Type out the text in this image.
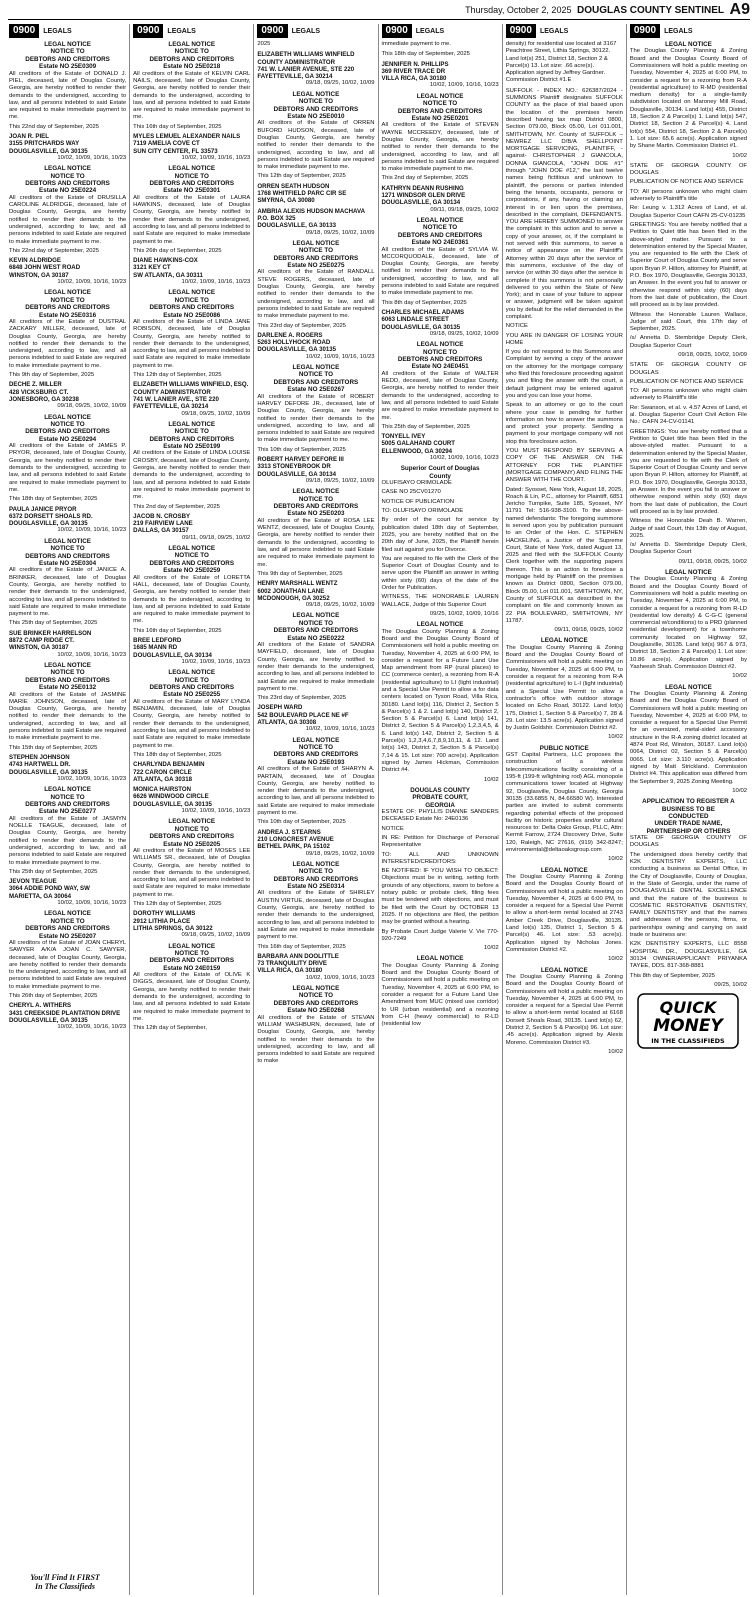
Thursday, October 2, 2025 DOUGLAS COUNTY SENTINEL A9
0900	LEGALS
LEGAL NOTICE
NOTICE TO
DEBTORS AND CREDITORS
Estate NO 25E0309

All creditors of the Estate of DONALD J. PIEL, deceased, late of Douglas County, Georgia, are hereby notified to render their demands to the undersigned, according to law, and all persons indebted to said Estate are required to make immediate payment to me.

This 22nd day of September, 2025

JOAN R. PIEL
3155 PRITCHARDS WAY
DOUGLASVILLE, GA 30135

10/02, 10/09, 10/16, 10/23

LEGAL NOTICE
NOTICE TO
DEBTORS AND CREDITORS
Estate NO 25E0224

All creditors of the Estate of DRUSILLA CAROLINE ALDRIDGE, deceased, late of Douglas County, Georgia, are hereby notified to render their demands to the undersigned, according to law, and all persons indebted to said Estate are required to make immediate payment to me.

This 22nd day of September, 2025

KEVIN ALDRIDGE
6848 JOHN WEST ROAD
WINSTON, GA 30187

10/02, 10/09, 10/16, 10/23

LEGAL NOTICE
NOTICE TO
DEBTORS AND CREDITORS
Estate NO 25E0316

All creditors of the Estate of DUSTRAL ZACKARY MILLER, deceased, late of Douglas County, Georgia, are hereby notified to render their demands to the undersigned, according to law, and all persons indebted to said Estate are required to make immediate payment to me.

This 9th day of September, 2025

DECHE Z. MILLER
428 VICKSBURG CT.
JONESBORO, GA 30238

09/18, 09/25, 10/02, 10/09

LEGAL NOTICE
NOTICE TO
DEBTORS AND CREDITORS
Estate NO 25E0294

All creditors of the Estate of JAMES P. PRYOR, deceased, late of Douglas County, Georgia, are hereby notified to render their demands to the undersigned, according to law, and all persons indebted to said Estate are required to make immediate payment to me.

This 18th day of September, 2025

PAULA JANICE PRYOR
6372 DORSETT SHOALS RD.
DOUGLASVILLE, GA 30135

10/02, 10/09, 10/16, 10/23

LEGAL NOTICE
NOTICE TO
DEBTORS AND CREDITORS
Estate NO 25E0304

All creditors of the Estate of JANICE A. BRINKER, deceased, late of Douglas County, Georgia, are hereby notified to render their demands to the undersigned, according to law, and all persons indebted to said Estate are required to make immediate payment to me.

This 25th day of September, 2025

SUE BRINKER HARRELSON
8872 CAMP RIDGE CT.
WINSTON, GA 30187

10/02, 10/09, 10/16, 10/23

LEGAL NOTICE
NOTICE TO
DEBTORS AND CREDITORS
Estate NO 25E0132

All creditors of the Estate of JASMINE MARIE JOHNSON, deceased, late of Douglas County, Georgia, are hereby notified to render their demands to the undersigned, according to law, and all persons indebted to said Estate are required to make immediate payment to me.

This 15th day of September, 2025

STEPHEN JOHNSON
4743 HARTWELL DR.
DOUGLASVILLE, GA 30135

10/02, 10/09, 10/16, 10/23

LEGAL NOTICE
NOTICE TO
DEBTORS AND CREDITORS
Estate NO 25E0277

All creditors of the Estate of JASMYN NOELLE TEAGUE, deceased, late of Douglas County, Georgia, are hereby notified to render their demands to the undersigned, according to law, and all persons indebted to said Estate are required to make immediate payment to me.

This 25th day of September, 2025

JEVON TEAGUE
3064 ADDIE POND WAY, SW
MARIETTA, GA 30064

10/02, 10/09, 10/16, 10/23

LEGAL NOTICE
NOTICE TO
DEBTORS AND CREDITORS
Estate NO 25E0207

All creditors of the Estate of JOAN CHERYL SAWYER A/K/A JOAN C. SAWYER, deceased, late of Douglas County, Georgia, are hereby notified to render their demands to the undersigned, according to law, and all persons indebted to said Estate are required to make immediate payment to me.

This 26th day of September, 2025

CHERYL A. WITHERS
3431 CREEKSIDE PLANTATION DRIVE
DOUGLASVILLE, GA 30135

10/02, 10/09, 10/16, 10/23

You'll Find It FIRST
In The Classifieds
0900	LEGALS
LEGAL NOTICE
NOTICE TO
DEBTORS AND CREDITORS
Estate NO 25E0218

All creditors of the Estate of KELVIN CARL NAILS, deceased, late of Douglas County, Georgia, are hereby notified to render their demands to the undersigned, according to law, and all persons indebted to said Estate are required to make immediate payment to me.

This 16th day of September, 2025

MYLES LEMUEL ALEXANDER NAILS
7119 AMELIA COVE CT
SUN CITY CENTER, FL 33573

10/02, 10/09, 10/16, 10/23

LEGAL NOTICE
NOTICE TO
DEBTORS AND CREDITORS
Estate NO 25E0301

All creditors of the Estate of LAURA HAWKINS, deceased, late of Douglas County, Georgia, are hereby notified to render their demands to the undersigned, according to law, and all persons indebted to said Estate are required to make immediate payment to me.

This 26th day of September, 2025

DIANE HAWKINS-COX
3121 KEY CT
SW ATLANTA, GA 30311

10/02, 10/09, 10/16, 10/23

LEGAL NOTICE
NOTICE TO
DEBTORS AND CREDITORS
Estate NO 25E0086

All creditors of the Estate of LINDA JANE ROBISON, deceased, late of Douglas County, Georgia, are hereby notified to render their demands to the undersigned, according to law, and all persons indebted to said Estate are required to make immediate payment to me.

This 12th day of September, 2025

ELIZABETH WILLIAMS WINFIELD, ESQ.
COUNTY ADMINISTRATOR
741 W. LANIER AVE., STE 220
FAYETTEVILLE, GA 30214

09/18, 09/25, 10/02, 10/09

LEGAL NOTICE
NOTICE TO
DEBTORS AND CREDITORS
Estate NO 25E0199

All creditors of the Estate of LINDA LOUISE CROSBY, deceased, late of Douglas County, Georgia, are hereby notified to render their demands to the undersigned, according to law, and all persons indebted to said Estate are required to make immediate payment to me.

This 2nd day of September, 2025

JACOB N. CROSBY
219 FAIRVIEW LANE
DALLAS, GA 30157

09/11, 09/18, 09/25, 10/02

LEGAL NOTICE
NOTICE TO
DEBTORS AND CREDITORS
Estate NO 25E0259

All creditors of the Estate of LORETTA HALL, deceased, late of Douglas County, Georgia, are hereby notified to render their demands to the undersigned, according to law, and all persons indebted to said Estate are required to make immediate payment to me.

This 16th day of September, 2025

BREE LEDFORD
1685 MANN RD
DOUGLASVILLE, GA 30134

10/02, 10/09, 10/16, 10/23

LEGAL NOTICE
NOTICE TO
DEBTORS AND CREDITORS
Estate NO 25E0255

All creditors of the Estate of MARY LYNDA BENJAMIN, deceased, late of Douglas County, Georgia, are hereby notified to render their demands to the undersigned, according to law, and all persons indebted to said Estate are required to make immediate payment to me.

This 18th day of September, 2025

CHARLYNDA BENJAMIN
722 CARON CIRCLE
ATLANTA, GA 30318

MONICA HAIRSTON
6626 WINDWOOD CIRCLE
DOUGLASVILLE, GA 30135

10/02, 10/09, 10/16, 10/23

LEGAL NOTICE
NOTICE TO
DEBTORS AND CREDITORS
Estate NO 25E0205

All creditors of the Estate of MOSES LEE WILLIAMS SR., deceased, late of Douglas County, Georgia, are hereby notified to render their demands to the undersigned, according to law, and all persons indebted to said Estate are required to make immediate payment to me.

This 12th day of September, 2025

DOROTHY WILLIAMS
2912 LITHIA PLACE
LITHIA SPRINGS, GA 30122

09/18, 09/25, 10/02, 10/09

LEGAL NOTICE
NOTICE TO
DEBTORS AND CREDITORS
Estate NO 24E0159

All creditors of the Estate of OLIVE K DIGGS, deceased, late of Douglas County, Georgia, are hereby notified to render their demands to the undersigned, according to law, and all persons indebted to said Estate are required to make immediate payment to me.

This 12th day of September,

0900	LEGALS

2025

ELIZABETH WILLIAMS WINFIELD
COUNTY ADMINISTRATOR
741 W. LANIER AVENUE, STE 220
FAYETTEVILLE, GA 30214

09/18, 09/25, 10/02, 10/09

LEGAL NOTICE
NOTICE TO
DEBTORS AND CREDITORS
Estate NO 25E0010

All creditors of the Estate of ORREN BUFORD HUDSON, deceased, late of Douglas County, Georgia, are hereby notified to render their demands to the undersigned, according to law, and all persons indebted to said Estate are required to make immediate payment to me.

This 12th day of September, 2025

ORREN SEATH HUDSON
1768 WHITFIELD PARC CIR SE
SMYRNA, GA 30080

AMBRIA ALEXIS HUDSON MACHAVA
P.O. BOX 325
DOUGLASVILLE, GA 30133

09/18, 09/25, 10/02, 10/09

LEGAL NOTICE
NOTICE TO
DEBTORS AND CREDITORS
Estate NO 25E0275

All creditors of the Estate of RANDALL STEVE ROGERS, deceased, late of Douglas County, Georgia, are hereby notified to render their demands to the undersigned, according to law, and all persons indebted to said Estate are required to make immediate payment to me.

This 23rd day of September, 2025

DARLENE A. ROGERS
5263 HOLLYHOCK ROAD
DOUGLASVILLE, GA 30135

10/02, 10/09, 10/16, 10/23

LEGAL NOTICE
NOTICE TO
DEBTORS AND CREDITORS
Estate NO 25E0267

All creditors of the Estate of ROBERT HARVEY DEFORE JR., deceased, late of Douglas County, Georgia, are hereby notified to render their demands to the undersigned, according to law, and all persons indebted to said Estate are required to make immediate payment to me.

This 10th day of September, 2025

ROBERT HARVEY DEFORE III
3313 STONEYBROOK DR
DOUGLASVILLE, GA 30134

09/18, 09/25, 10/02, 10/09

LEGAL NOTICE
NOTICE TO
DEBTORS AND CREDITORS
Estate NO 25E0203

All creditors of the Estate of ROSA LEE WENTZ, deceased, late of Douglas County, Georgia, are hereby notified to render their demands to the undersigned, according to law, and all persons indebted to said Estate are required to make immediate payment to me.

This 9th day of September, 2025

HENRY MARSHALL WENTZ
6002 JONATHAN LANE
MCDONOUGH, GA 30252

09/18, 09/25, 10/02, 10/09

LEGAL NOTICE
NOTICE TO
DEBTORS AND CREDITORS
Estate NO 25E0222

All creditors of the Estate of SANDRA MAYFIELD, deceased, late of Douglas County, Georgia, are hereby notified to render their demands to the undersigned, according to law, and all persons indebted to said Estate are required to make immediate payment to me.

This 23rd day of September, 2025

JOSEPH WARD
542 BOULEVARD PLACE NE #F
ATLANTA, GA 30308

10/02, 10/09, 10/16, 10/23

LEGAL NOTICE
NOTICE TO
DEBTORS AND CREDITORS
Estate NO 25E0193

All creditors of the Estate of SHARYN A. PARTAIN, deceased, late of Douglas County, Georgia, are hereby notified to render their demands to the undersigned, according to law, and all persons indebted to said Estate are required to make immediate payment to me.

This 10th day of September, 2025

ANDREA J. STEARNS
210 LONGCREST AVENUE
BETHEL PARK, PA 15102

09/18, 09/25, 10/02, 10/09

LEGAL NOTICE
NOTICE TO
DEBTORS AND CREDITORS
Estate NO 25E0314

All creditors of the Estate of SHIRLEY AUSTIN VIRTUE, deceased, late of Douglas County, Georgia, are hereby notified to render their demands to the undersigned, according to law, and all persons indebted to said Estate are required to make immediate payment to me.

This 16th day of September, 2025

BARBARA ANN DOOLITTLE
73 TRANQUILITY DRIVE
VILLA RICA, GA 30180

10/02, 10/09, 10/16, 10/23

LEGAL NOTICE
NOTICE TO
DEBTORS AND CREDITORS
Estate NO 25E0268

All creditors of the Estate of STEVAN WILLIAM WASHBURN, deceased, late of Douglas County, Georgia, are hereby notified to render their demands to the undersigned, according to law, and all persons indebted to said Estate are required to make

0900	LEGALS

immediate payment to me.

This 18th day of September, 2025

JENNIFER N. PHILLIPS
369 RIVER TRACE DR
VILLA RICA, GA 30180

10/02, 10/09, 10/16, 10/23

LEGAL NOTICE
NOTICE TO
DEBTORS AND CREDITORS
Estate NO 25E0201

All creditors of the Estate of STEVEN WAYNE MCCREEDY, deceased, late of Douglas County, Georgia, are hereby notified to render their demands to the undersigned, according to law, and all persons indebted to said Estate are required to make immediate payment to me.

This 2nd day of September, 2025

KATHRYN DEANN RUSHING
1271 WINDSOR GLEN DRIVE
DOUGLASVILLE, GA 30134

09/11, 09/18, 09/25, 10/02

LEGAL NOTICE
NOTICE TO
DEBTORS AND CREDITORS
Estate NO 24E0361

All creditors of the Estate of SYLVIA W. MCCORQUODALE, deceased, late of Douglas County, Georgia, are hereby notified to render their demands to the undersigned, according to law, and all persons indebted to said Estate are required to make immediate payment to me.

This 8th day of September, 2025

CHARLES MICHAEL ADAMS
6063 LINDALE STREET
DOUGLASVILLE, GA 30135

09/18, 09/25, 10/02, 10/09

LEGAL NOTICE
NOTICE TO
DEBTORS AND CREDITORS
Estate NO 24E0451

All creditors of the Estate of WALTER REDD, deceased, late of Douglas County, Georgia, are hereby notified to render their demands to the undersigned, according to law, and all persons indebted to said Estate are required to make immediate payment to me.

This 25th day of September, 2025

TONYELL IVEY
5005 GALAHAND COURT
ELLENWOOD, GA 30294

10/02, 10/09, 10/16, 10/23

Superior Court of Douglas
County

OLUFISAYO ORIMOLADE

CASE NO 25CV01270

NOTICE OF PUBLICATION

TO: OLUFISAYO ORIMOLADE

By order of the court for service by publication dated 18th day of September, 2025, you are hereby notified that on the 20th day of June, 2025, the Plaintiff herein filed suit against you for Divorce.

You are required to file with the Clerk of the Superior Court of Douglas County and to serve upon the Plaintiff an answer in writing within sixty (60) days of the date of the Order for Publication.

WITNESS, THE HONORABLE LAUREN WALLACE, Judge of this Superior Court

09/25, 10/02, 10/09, 10/16

LEGAL NOTICE

The Douglas County Planning & Zoning Board and the Douglas County Board of Commissioners will hold a public meeting on Tuesday, November 4, 2025 at 6:00 PM, to consider a request for a Future Land Use Map amendment from RP (rural places) to CC (commerce center), a rezoning from R-A (residential agriculture) to LI (light industrial) and a Special Use Permit to allow a for data centers located on Tyson Road, Villa Rica, 30180. Land lot(s) 116, District 2, Section 5 & Parcel(s) 1 & 2. Land lot(s) 140, District 2, Section 5 & Parcel(s) 6. Land lot(s) 141, District 2, Section 5 & Parcel(s) 1,2,3,4,5, & 6. Land lot(s) 142, District 2, Section 5 & Parcel(s) 1,2,3,4,6,7,8,9,10,11, & 12. Land lot(s) 143, District 2, Section 5 & Parcel(s) 7,14 & 15. Lot size: 700 acre(s). Application signed by James Hickman, Commission District #4.

10/02

DOUGLAS COUNTY
PROBATE COURT,
GEORGIA

ESTATE OF: PHYLLIS DIANNE SANDERS DECEASED Estate No: 24E0136

NOTICE

IN RE: Petition for Discharge of Personal Representative

TO: ALL AND UNKNOWN INTERESTED/CREDITORS:

BE NOTIFIED: IF YOU WISH TO OBJECT: Objections must be in writing, setting forth grounds of any objections, sworn to before a notary public or probate clerk, filing fees must be tendered with objections, and must be filed with the Court by OCTOBER 13 2025. If no objections are filed, the petition may be granted without a hearing.

By Probate Court Judge Valerie V. Vie 770-920-7249

10/02

LEGAL NOTICE

The Douglas County Planning & Zoning Board and the Douglas County Board of Commissioners will hold a public meeting on Tuesday, November 4, 2025 at 6:00 PM, to consider a request for a Future Land Use Amendment from MUC (mixed use corridor) to UR (urban residential) and a rezoning from C-H (heavy commercial) to R-LD (residential low

0900	LEGALS

density) for residential use located at 3167 Peachtree Street, Lithia Springs, 30122. Land lot(s) 251, District 18, Section 2 & Parcel(s) 13. Lot size: .66 acre(s). Application signed by Jeffrey Gardner. Commission District #1.E

SUFFOLK - INDEX NO.: 626387/2024 -SUMMONS Plaintiff designates SUFFOLK COUNTY as the place of trial based upon the location of the premises herein described having tax map District 0800, Section 079.00, Block 05.00, Lot 011.001, SMITHTOWN, NY. County of SUFFOLK – NEWREZ LLC D/B/A SHELLPOINT MORTGAGE SERVICING, PLAINTIFF, - against- CHRISTOPHER J GIANCOLA, DONNA GIANCOLA, "JOHN DOE #1" through "JOHN DOE #12," the last twelve names being fictitious and unknown to plaintiff, the persons or parties intended being the tenants, occupants, persons or corporations, if any, having or claiming an interest in or lien upon the premises, described in the complaint, DEFENDANTS. YOU ARE HEREBY SUMMONED to answer the complaint in this action and to serve a copy of your answer, or, if the complaint is not served with this summons, to serve a notice of appearance on the Plaintiff's Attorney within 20 days after the service of this summons, exclusive of the day of service (or within 30 days after the service is complete if this summons is not personally delivered to you within the State of New York); and in case of your failure to appear or answer, judgment will be taken against you by default for the relief demanded in the complaint.

NOTICE

YOU ARE IN DANGER OF LOSING YOUR HOME

If you do not respond to this Summons and Complaint by serving a copy of the answer on the attorney for the mortgage company who filed this foreclosure proceeding against you and filing the answer with the court, a default judgment may be entered against you and you can lose your home.

Speak to an attorney or go to the court where your case is pending for further information on how to answer the summons and protect your property. Sending a payment to your mortgage company will not stop this foreclosure action.

YOU MUST RESPOND BY SERVING A COPY OF THE ANSWER ON THE ATTORNEY FOR THE PLAINTIFF (MORTGAGE COMPANY) AND FILING THE ANSWER WITH THE COURT.

Dated: Syosset, New York, August 18, 2025, Roach & Lin, P.C., attorney for Plaintiff, 6851 Jericho Turnpike, Suite 185, Syosset, NY 11791 Tel: 516-938-3100. To the above-named defendants: The foregoing summons is served upon you by publication pursuant to an Order of the Hon. C. STEPHEN HACKELING, a Justice of the Supreme Court, State of New York, dated August 13, 2025 and filed with the SUFFOLK County Clerk together with the supporting papers thereon. This is an action to foreclose a mortgage held by Plaintiff on the premises known as District 0800, Section 079.00, Block 05.00, Lot 011.001, SMITHTOWN, NY, County of SUFFOLK as described in the complaint on file and commonly known as 22 PIA BOULEVARD, SMITHTOWN, NY 11787.

09/11, 09/18, 09/25, 10/02

LEGAL NOTICE

The Douglas County Planning & Zoning Board and the Douglas County Board of Commissioners will hold a public meeting on Tuesday, November 4, 2025 at 6:00 PM, to consider a request for a rezoning from R-A (residential agriculture) to L-I (light industrial) and a Special Use Permit to allow a contractor's office with outdoor storage located on Echo Road, 30122. Land lot(s) 175, District 1, Section 5 & Parcel(s) 7, 28 & 29. Lot size: 13.5 acre(s). Application signed by Justin Goldshir. Commission District #2.

10/02

PUBLIC NOTICE

GST Capital Partners, LLC proposes the construction of a wireless telecommunications facility consisting of a 195-ft (199-ft w/lightning rod) AGL monopole communications tower located at Highway 92, Douglasville, Douglas County, Georgia 30135 (33.6855 N, 84.66580 W). Interested parties are invited to submit comments regarding potential effects of the proposed facility on historic properties and/or cultural resources to: Delta Oaks Group, PLLC, Attn: Kermit Farrow, 2724 Discovery Drive, Suite 120, Raleigh, NC 27616, (919) 342-8247; environmental@deltaoaksgroup.com

10/02

LEGAL NOTICE

The Douglas County Planning & Zoning Board and the Douglas County Board of Commissioners will hold a public meeting on Tuesday, November 4, 2025 at 6:00 PM, to consider a request for a Special Use Permit to allow a short-term rental located at 2743 Amber Creek Drive, Douglasville, 30135. Land lot(s) 135, District 1, Section 5 & Parcel(s) 46. Lot size: .53 acre(s). Application signed by Nicholas Jones. Commission District #2.

10/02

LEGAL NOTICE

The Douglas County Planning & Zoning Board and the Douglas County Board of Commissioners will hold a public meeting on Tuesday, November 4, 2025 at 6:00 PM, to consider a request for a Special Use Permit to allow a short-term rental located at 6168 Dorsett Shoals Road, 30135. Land lot(s) 62, District 2, Section 5 & Parcel(s) 96. Lot size: .45 acre(s). Application signed by Alexis Moreno. Commission District #3.

10/02

0900	LEGALS
LEGAL NOTICE

The Douglas County Planning & Zoning Board and the Douglas County Board of Commissioners will hold a public meeting on Tuesday, November 4, 2025 at 6:00 PM, to consider a request for a rezoning from R-A (residential agriculture) to R-MD (residential medium density) for a single-family subdivision located on Maroney Mill Road, Douglasville, 30134. Land lot(s) 455, District 18, Section 2 & Parcel(s) 1. Land lot(s) 547, District 18, Section 2 & Parcel(s) 4. Land lot(s) 554, District 18, Section 2 & Parcel(s) 1. Lot size: 65.6 acre(s). Application signed by Shane Martin. Commission District #1.

10/02

STATE OF GEORGIA COUNTY OF DOUGLAS

PUBLICATION OF NOTICE AND SERVICE

TO: All persons unknown who might claim adversely to Plaintiff's title

Re: Leung v. 1.312 Acres of Land, et al. Douglas Superior Court CAFN 25-CV-01235

GREETINGS: You are hereby notified that a Petition to Quiet title has been filed in the above-styled matter. Pursuant to a determination entered by the Special Master, you are requested to file with the Clerk of Superior Court of Douglas County and serve upon Bryan P. Hilton, attorney for Plaintiff, at P.O. Box 1970, Douglasville, Georgia 30133, an Answer. In the event you fail to answer or otherwise respond within sixty (60) days from the last date of publication, the Court will proceed as is by law provided.

Witness the Honorable Lauren Wallace, Judge of said Court, this 17th day of September, 2025.

/s/ Annetta D. Stembridge Deputy Clerk, Douglas Superior Court

09/18, 09/25, 10/02, 10/09

STATE OF GEORGIA COUNTY OF DOUGLAS

PUBLICATION OF NOTICE AND SERVICE

TO: All persons unknown who might claim adversely to Plaintiff's title

Re: Swanson, et al. v. 4.57 Acres of Land, et al. Douglas Superior Court Civil Action File No.: CAFN 24-CV-01141

GREETINGS: You are hereby notified that a Petition to Quiet title has been filed in the above-styled matter. Pursuant to a determination entered by the Special Master, you are requested to file with the Clerk of Superior Court of Douglas County and serve upon Bryan P. Hilton, attorney for Plaintiff, at P.O. Box 1970, Douglasville, Georgia 30133, an Answer. In the event you fail to answer or otherwise respond within sixty (60) days from the last date of publication, the Court will proceed as is by law provided.

Witness the Honorable Deah B. Warren, Judge of said Court, this 13th day of August, 2025.

/s/ Annetta D. Stembridge Deputy Clerk, Douglas Superior Court

09/11, 09/18, 09/25, 10/02

LEGAL NOTICE

The Douglas County Planning & Zoning Board and the Douglas County Board of Commissioners will hold a public meeting on Tuesday, November 4, 2025 at 6:00 PM, to consider a request for a rezoning from R-LD (residential low density) & C-G-C (general commercial w/conditions) to a PRD (planned residential development) for a townhome community located on Highway 92, Douglasville, 30135. Land lot(s) 967 & 973, District 18, Section 2 & Parcel(s) 1. Lot size: 10.86 acre(s). Application signed by Yasheesh Shah. Commission District #2.

10/02

LEGAL NOTICE

The Douglas County Planning & Zoning Board and the Douglas County Board of Commissioners will hold a public meeting on Tuesday, November 4, 2025 at 6:00 PM, to consider a request for a Special Use Permit for an oversized, metal-sided accessory structure in the R-A zoning district located at 4874 Post Rd, Winston, 30187. Land lot(s) 0064, District 02, Section 5 & Parcel(s) 0065. Lot size: 3.110 acre(s). Application signed by Matt Strickland. Commission District #4. This application was differed from the September 9, 2025 Zoning Meeting.

10/02

APPLICATION TO REGISTER A
BUSINESS TO BE
CONDUCTED
UNDER TRADE NAME,
PARTNERSHIP OR OTHERS

STATE OF GEORGIA COUNTY OF DOUGLAS

The undersigned does hereby certify that K2K DENTISTRY EXPERTS, LLC conducting a business as Dental Office, in the City of Douglasville, County of Douglas, in the State of Georgia, under the name of DOUGLASVILLE DENTAL EXCELLENCE and that the nature of the business is COSMETIC RESTORATIVE DENTISTRY, FAMILY DENTISTRY and that the names and addresses of the persons, firms, or partnerships owning and carrying on said trade or business are:

K2K DENTISTRY EXPERTS, LLC 8558 HOSPITAL DR., DOUGLASVILLE, GA 30134 OWNER/APPLICANT: PRIYANKA TAYEE, DDS. 817-368-8881

This 8th day of September, 2025

09/25, 10/02

QUICK
MONEY
IN THE CLASSIFIEDS
